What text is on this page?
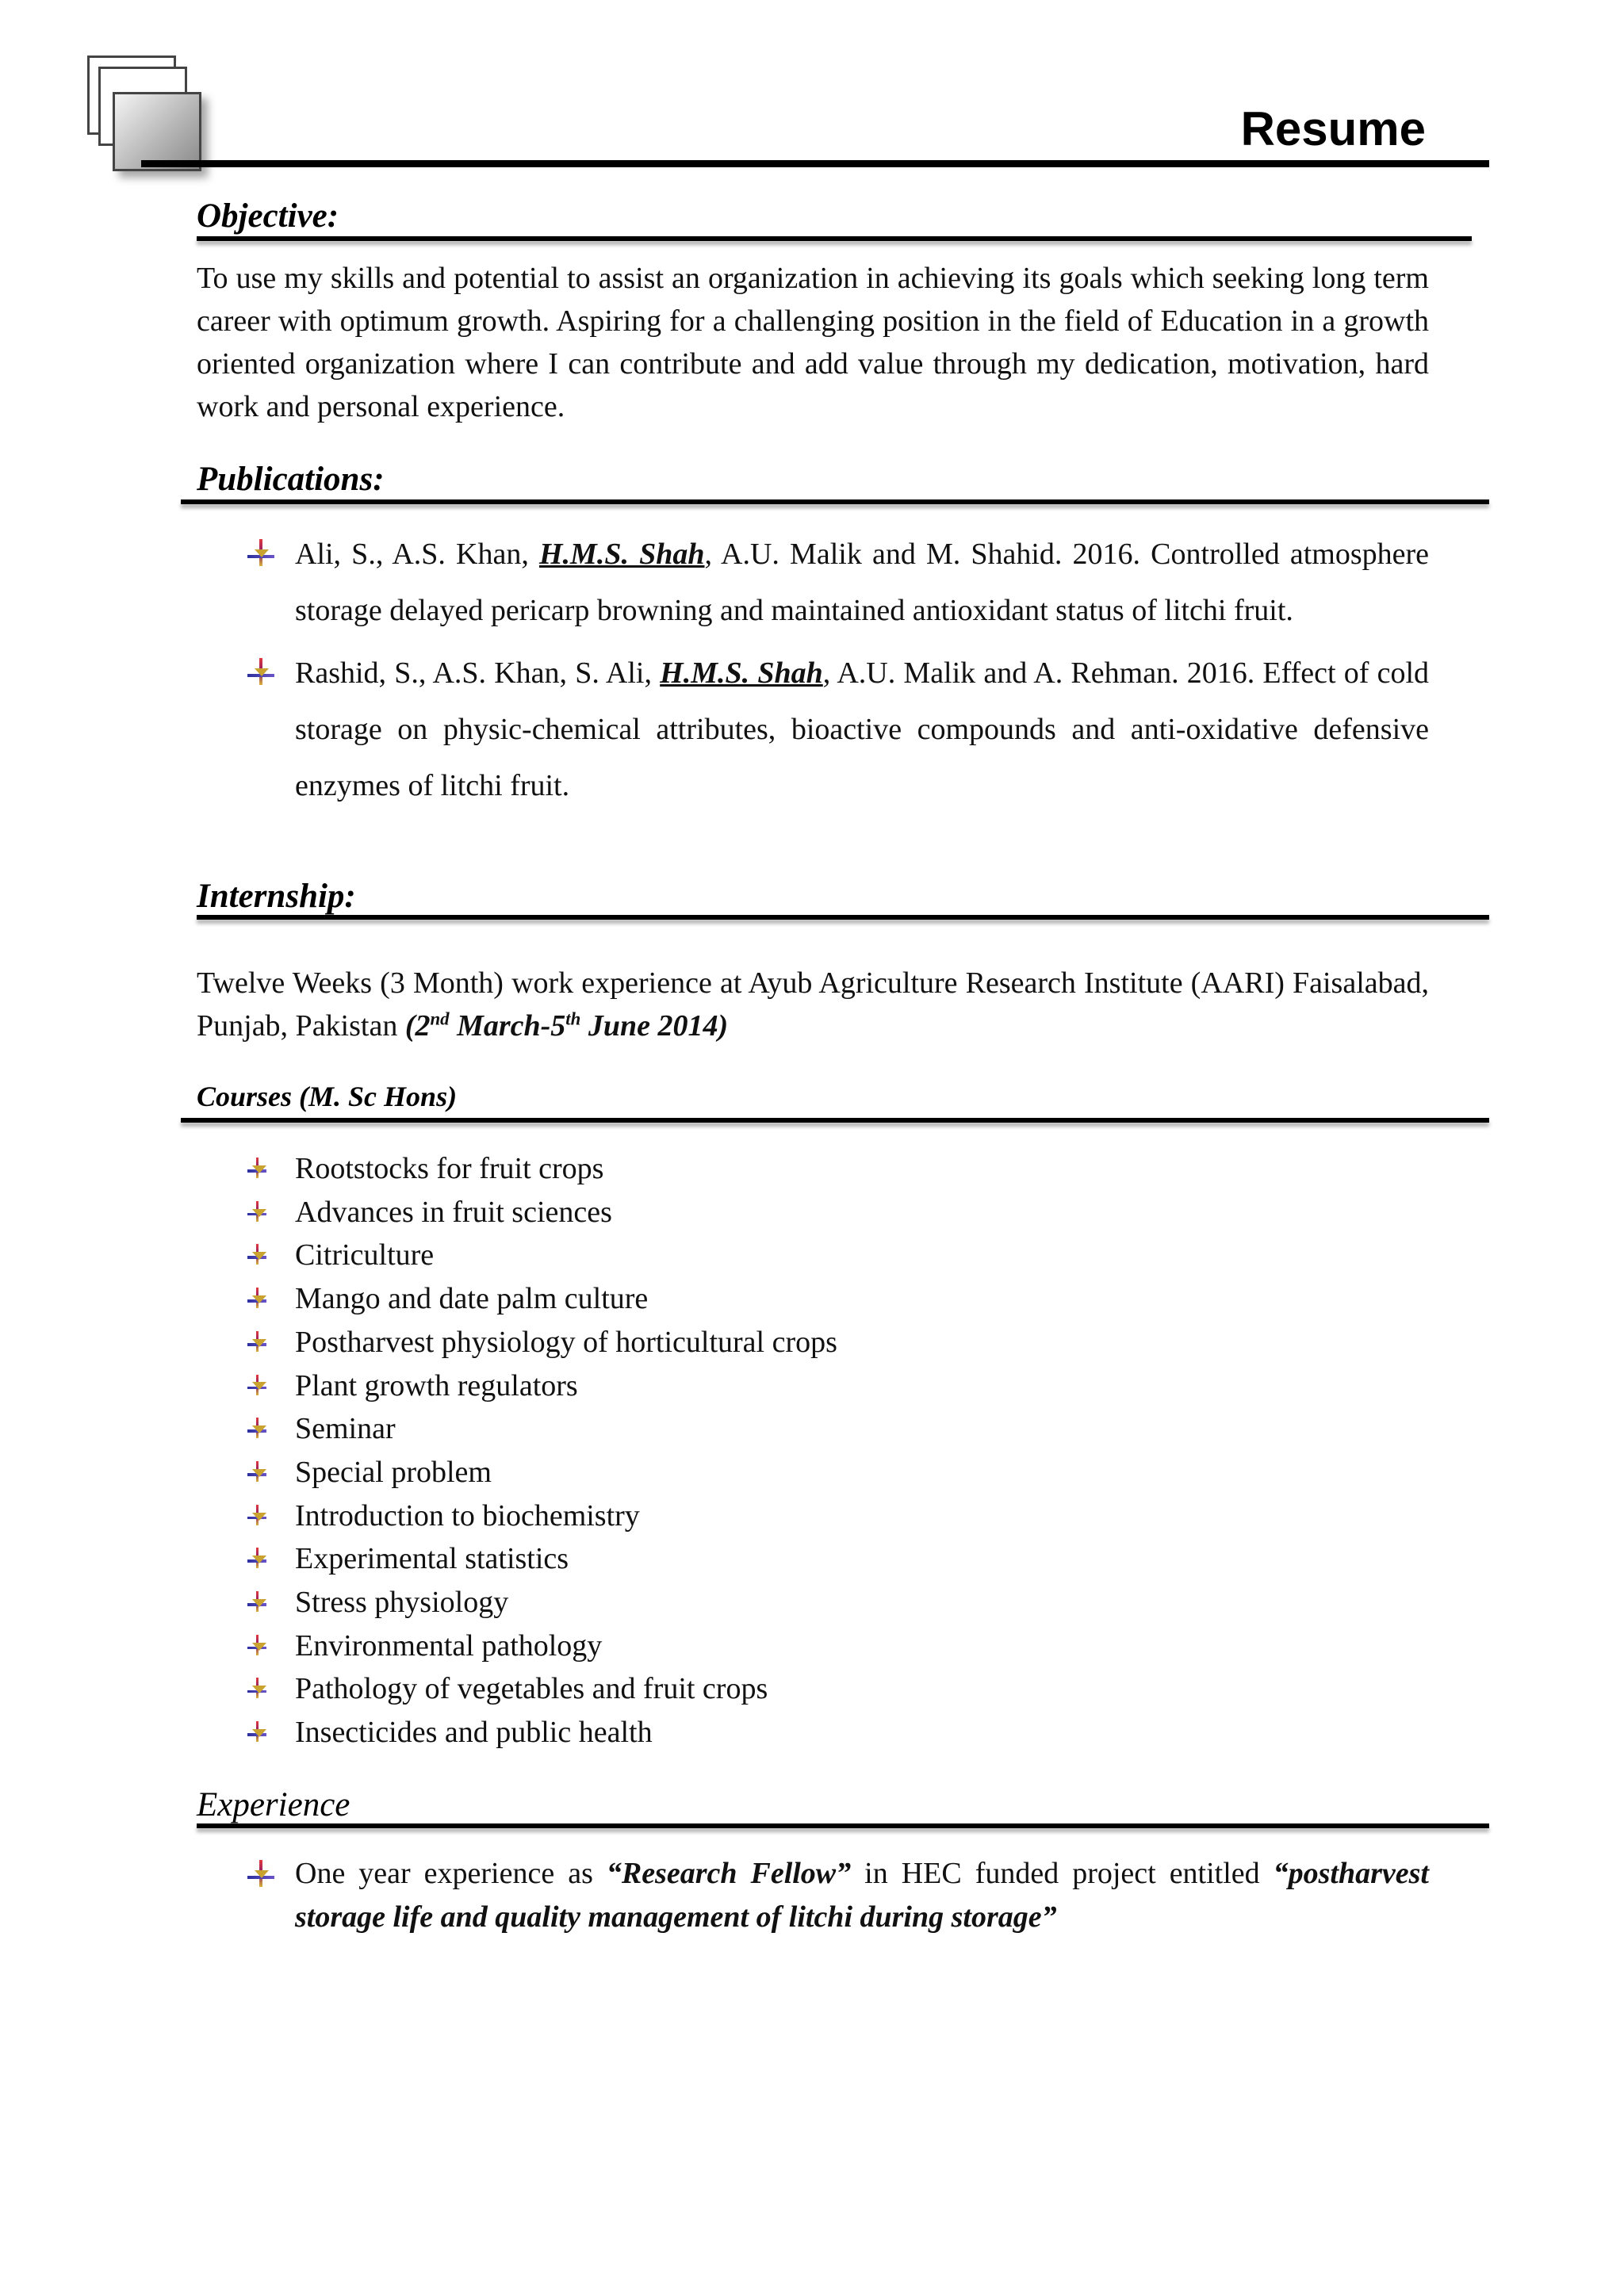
Resume
Objective:
To use my skills and potential to assist an organization in achieving its goals which seeking long term career with optimum growth. Aspiring for a challenging position in the field of Education in a growth oriented organization where I can contribute and add value through my dedication, motivation, hard work and personal experience.
Publications:
Ali, S., A.S. Khan, H.M.S. Shah, A.U. Malik and M. Shahid. 2016. Controlled atmosphere storage delayed pericarp browning and maintained antioxidant status of litchi fruit.
Rashid, S., A.S. Khan, S. Ali, H.M.S. Shah, A.U. Malik and A. Rehman. 2016. Effect of cold storage on physic-chemical attributes, bioactive compounds and anti-oxidative defensive enzymes of litchi fruit.
Internship:
Twelve Weeks (3 Month) work experience at Ayub Agriculture Research Institute (AARI) Faisalabad, Punjab, Pakistan (2nd March-5th June 2014)
Courses (M. Sc Hons)
Rootstocks for fruit crops
Advances in fruit sciences
Citriculture
Mango and date palm culture
Postharvest physiology of horticultural crops
Plant growth regulators
Seminar
Special problem
Introduction to biochemistry
Experimental statistics
Stress physiology
Environmental pathology
Pathology of vegetables and fruit crops
Insecticides and public health
Experience
One year experience as “Research Fellow” in HEC funded project entitled “postharvest storage life and quality management of litchi during storage”
